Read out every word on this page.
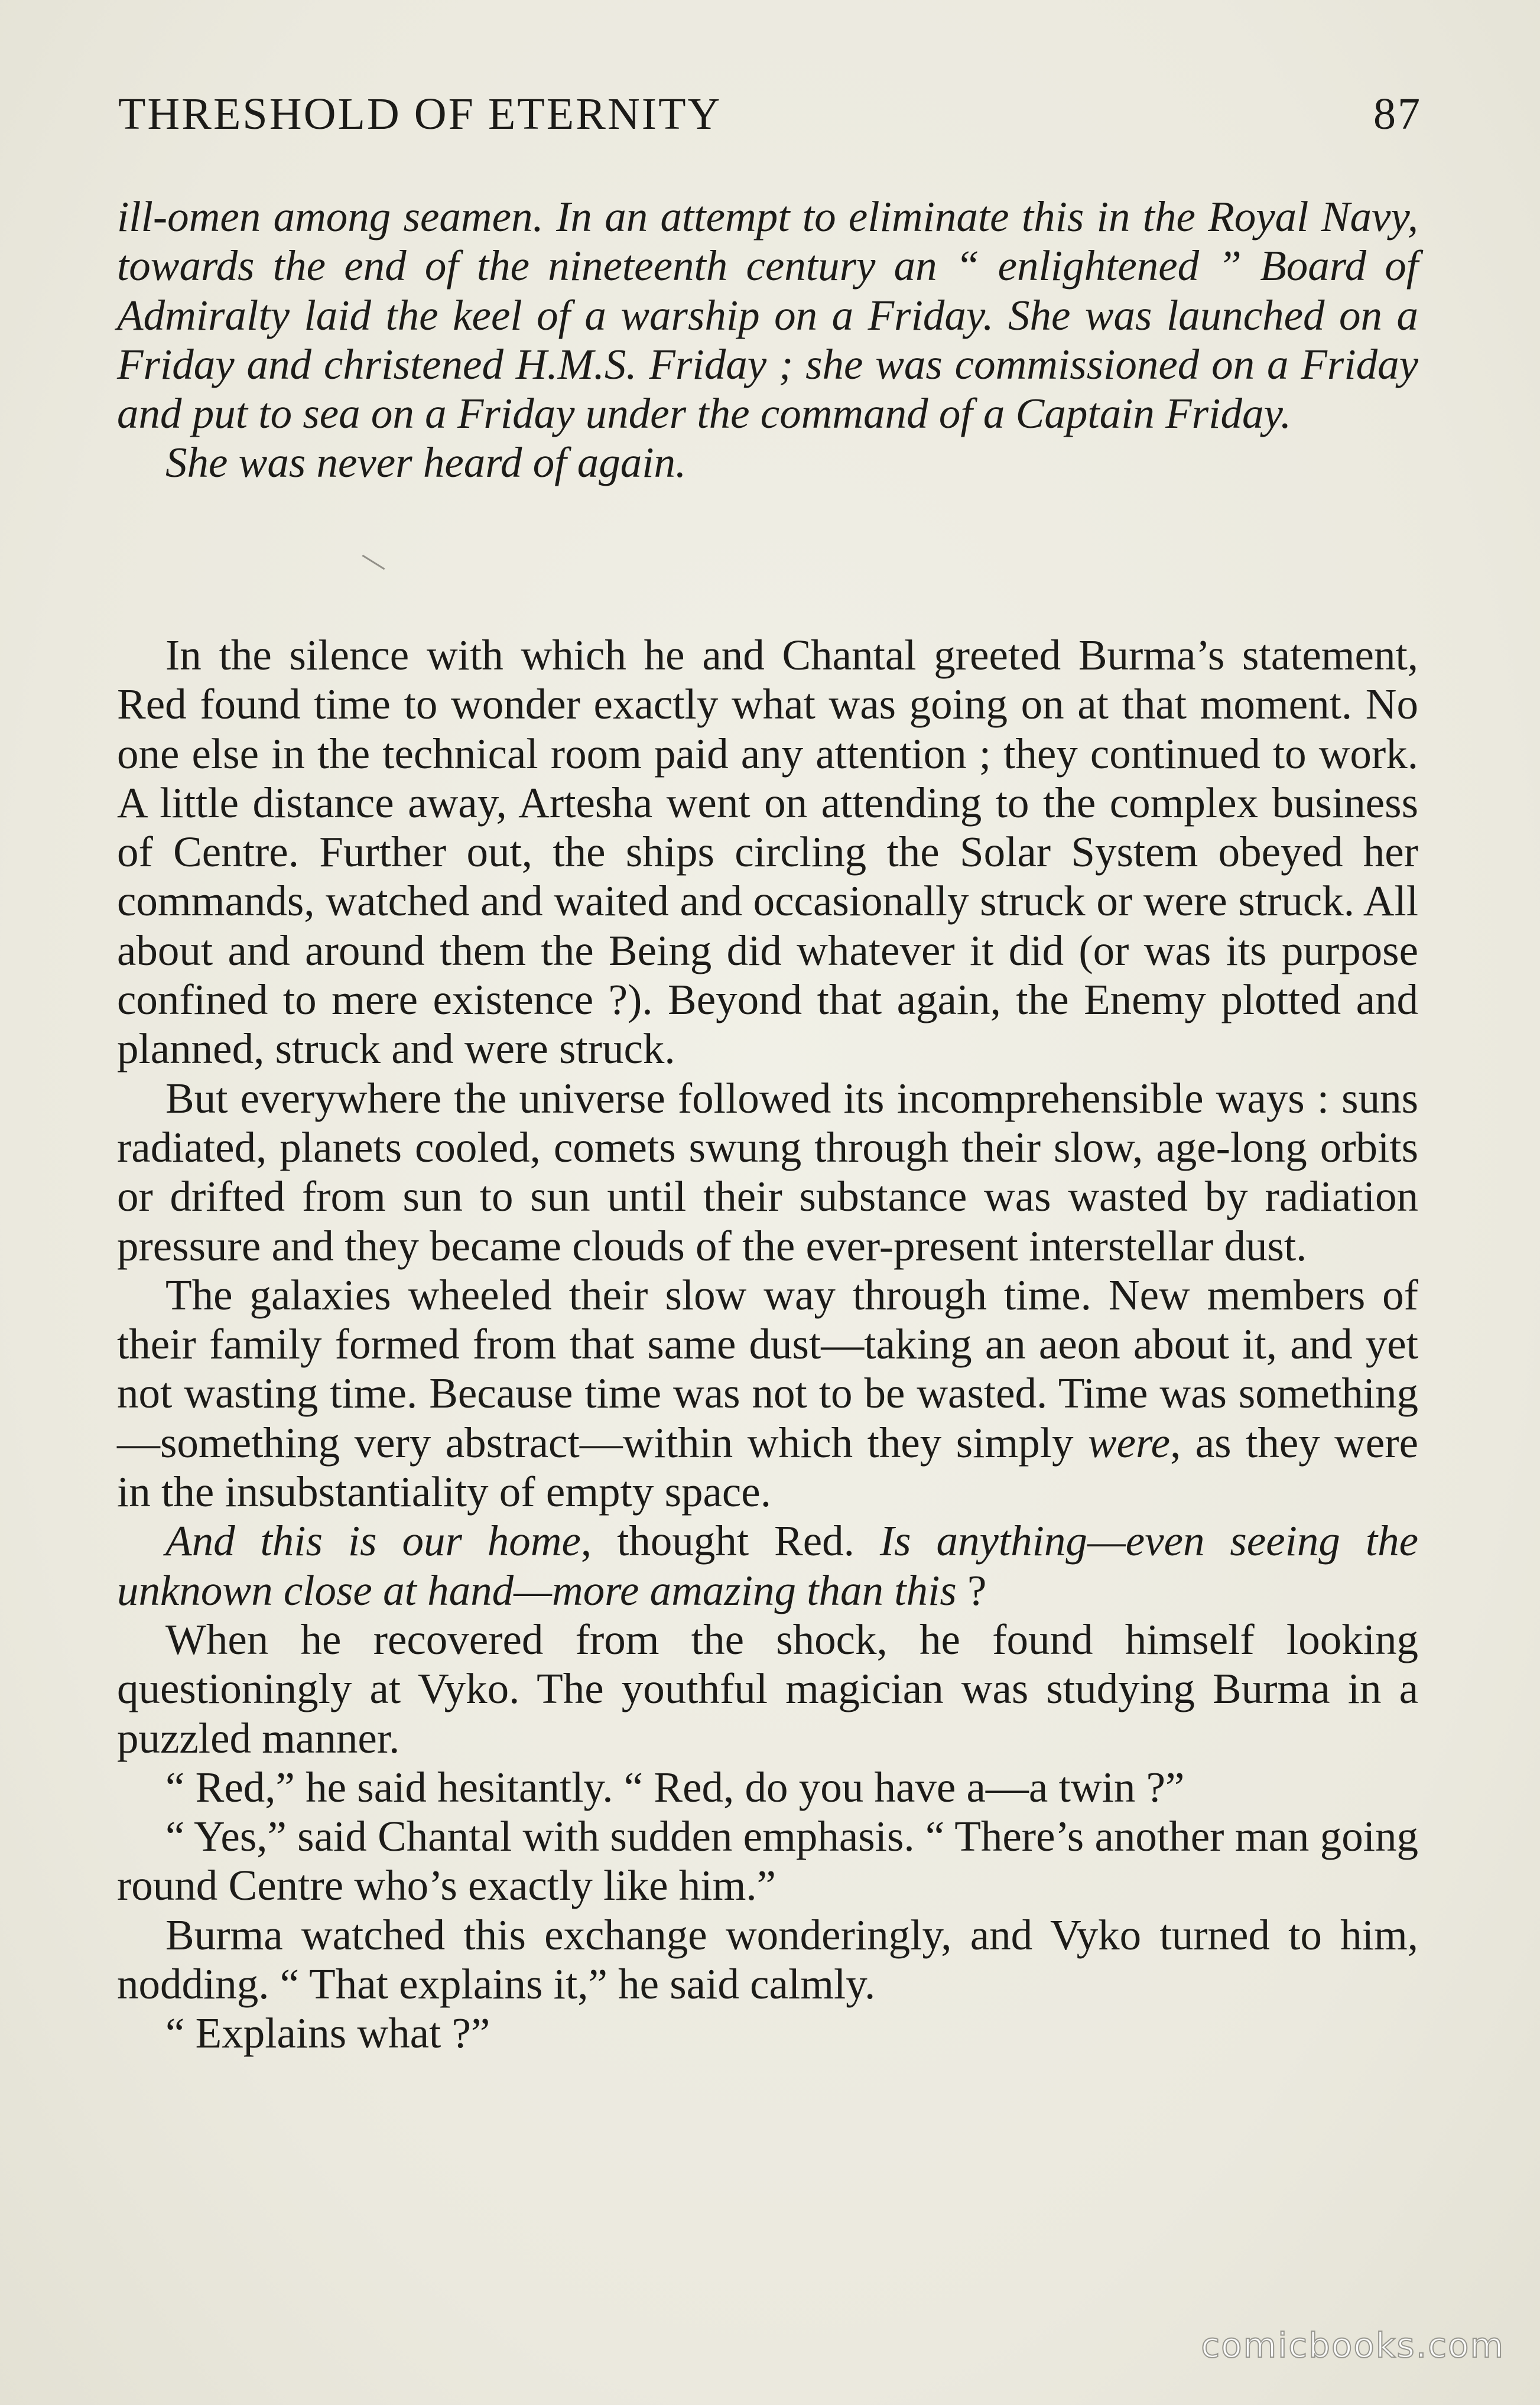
THRESHOLD OF ETERNITY	87

ill-omen among seamen. In an attempt to eliminate this in the Royal Navy, towards the end of the nineteenth century an “ enlightened ” Board of Admiralty laid the keel of a warship on a Friday. She was launched on a Friday and christened H.M.S. Friday ; she was commissioned on a Friday and put to sea on a Friday under the command of a Captain Friday.

She was never heard of again.

In the silence with which he and Chantal greeted Burma’s statement, Red found time to wonder exactly what was going on at that moment. No one else in the technical room paid any attention ; they continued to work. A little distance away, Artesha went on attending to the complex business of Centre. Further out, the ships circling the Solar System obeyed her commands, watched and waited and occasionally struck or were struck. All about and around them the Being did whatever it did (or was its purpose confined to mere existence ?). Beyond that again, the Enemy plotted and planned, struck and were struck.

But everywhere the universe followed its incomprehensible ways : suns radiated, planets cooled, comets swung through their slow, age-long orbits or drifted from sun to sun until their substance was wasted by radiation pressure and they became clouds of the ever-present interstellar dust.

The galaxies wheeled their slow way through time. New members of their family formed from that same dust—taking an aeon about it, and yet not wasting time. Because time was not to be wasted. Time was something—something very abstract—within which they simply were, as they were in the insubstantiality of empty space.

And this is our home, thought Red. Is anything—even seeing the unknown close at hand—more amazing than this ?

When he recovered from the shock, he found himself looking questioningly at Vyko. The youthful magician was studying Burma in a puzzled manner.

“ Red,” he said hesitantly. “ Red, do you have a—a twin ?”

“ Yes,” said Chantal with sudden emphasis. “ There’s another man going round Centre who’s exactly like him.”

Burma watched this exchange wonderingly, and Vyko turned to him, nodding. “ That explains it,” he said calmly.

“ Explains what ?”

comicbooks.com
